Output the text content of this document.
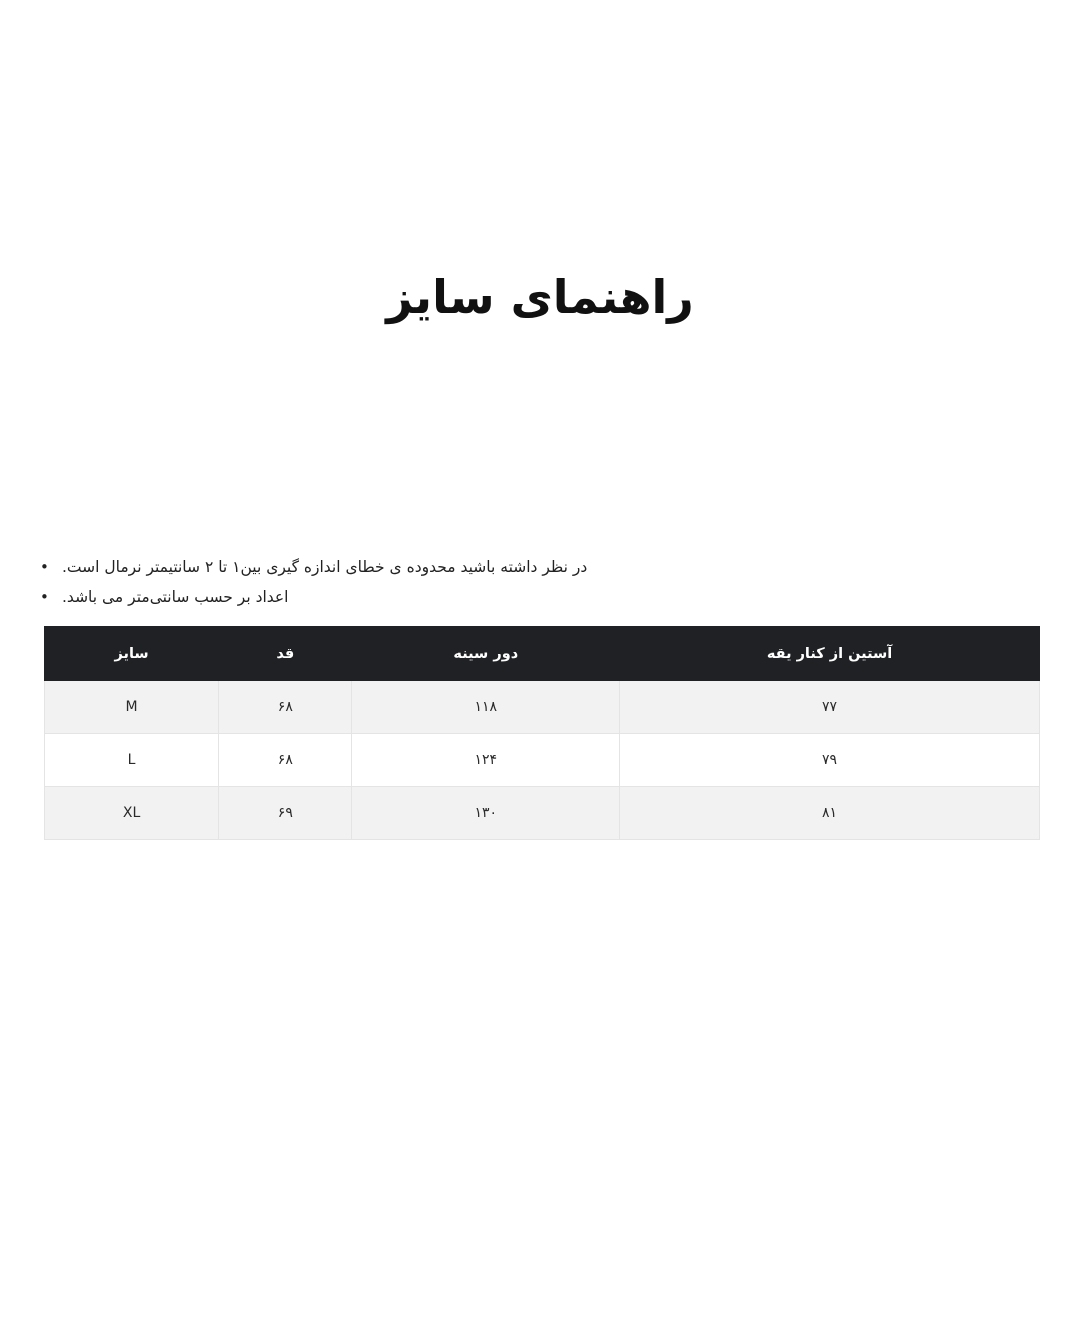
راهنمای سایز
در نظر داشته باشید محدوده ی خطای اندازه گیری بین۱ تا ۲ سانتیمتر نرمال است.
•
اعداد بر حسب سانتی‌متر می باشد.
•
آستین از کنار یقه	دور سینه	قد	سایز
۷۷	۱۱۸	۶۸	M
۷۹	۱۲۴	۶۸	L
۸۱	۱۳۰	۶۹	XL
